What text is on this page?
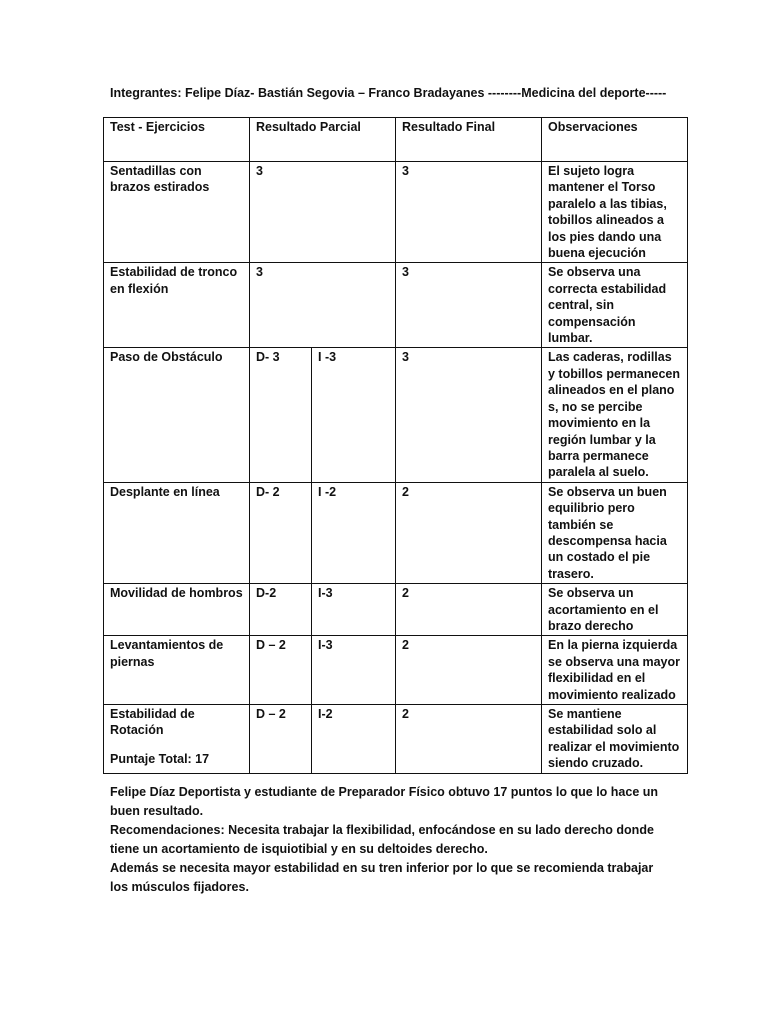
Integrantes: Felipe Díaz- Bastián Segovia – Franco Bradayanes --------Medicina del deporte-----
Test - Ejercicios	Resultado Parcial		Resultado Final	Observaciones
Sentadillas con brazos estirados	3		3	El sujeto logra mantener el Torso paralelo a las tibias, tobillos alineados a los pies dando una buena ejecución
Estabilidad de tronco en flexión	3		3	Se observa una correcta estabilidad central, sin compensación lumbar.
Paso de Obstáculo	D- 3	I -3	3	Las caderas, rodillas y tobillos permanecen alineados en el plano s, no se percibe movimiento en la región lumbar y la barra permanece paralela al suelo.
Desplante en línea	D- 2	I -2	2	Se observa un buen equilibrio pero también se descompensa hacia un costado el pie trasero.
Movilidad de hombros	D-2	I-3	2	Se observa un acortamiento en el brazo derecho
Levantamientos de piernas	D – 2	I-3	2	En la pierna izquierda se observa una mayor flexibilidad en el movimiento realizado
Estabilidad de Rotación	D – 2	I-2	2	Se mantiene estabilidad solo al realizar el movimiento siendo cruzado.
Puntaje Total: 17

Felipe Díaz Deportista y estudiante de Preparador Físico obtuvo 17 puntos lo que lo hace un buen resultado.

Recomendaciones: Necesita trabajar la flexibilidad, enfocándose en su lado derecho donde tiene un acortamiento de isquiotibial y en su deltoides derecho.

Además se necesita mayor estabilidad en su tren inferior por lo que se recomienda trabajar los músculos fijadores.
